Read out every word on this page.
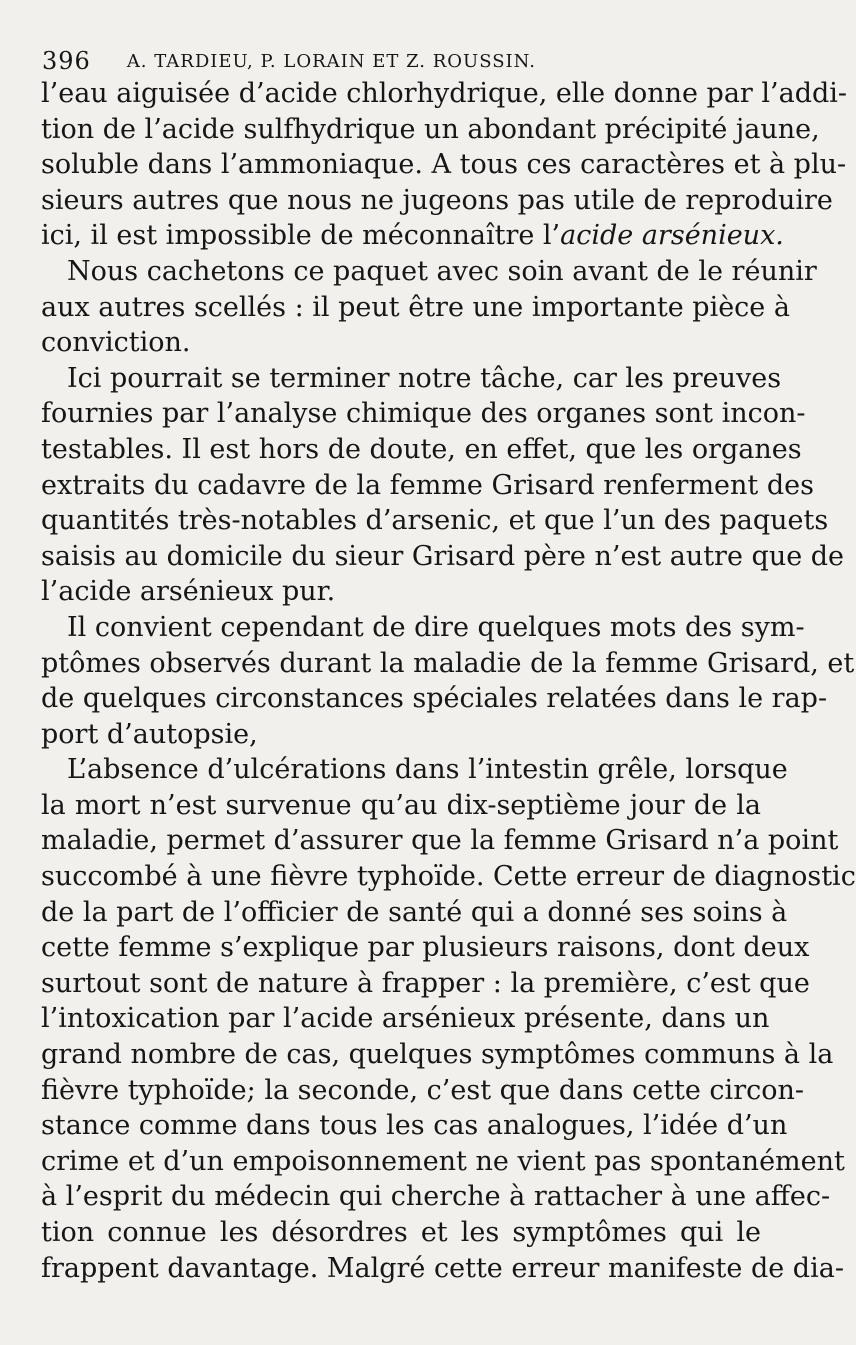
396 A. TARDIEU, P. LORAIN ET Z. ROUSSIN.
l’eau aiguisée d’acide chlorhydrique, elle donne par l’addi-
tion de l’acide sulfhydrique un abondant précipité jaune,
soluble dans l’ammoniaque. A tous ces caractères et à plu-
sieurs autres que nous ne jugeons pas utile de reproduire
ici, il est impossible de méconnaître l’acide arsénieux.
Nous cachetons ce paquet avec soin avant de le réunir
aux autres scellés : il peut être une importante pièce à
conviction.
Ici pourrait se terminer notre tâche, car les preuves
fournies par l’analyse chimique des organes sont incon-
testables. Il est hors de doute, en effet, que les organes
extraits du cadavre de la femme Grisard renferment des
quantités très-notables d’arsenic, et que l’un des paquets
saisis au domicile du sieur Grisard père n’est autre que de
l’acide arsénieux pur.
Il convient cependant de dire quelques mots des sym-
ptômes observés durant la maladie de la femme Grisard, et
de quelques circonstances spéciales relatées dans le rap-
port d’autopsie,
L’absence d’ulcérations dans l’intestin grêle, lorsque
la mort n’est survenue qu’au dix-septième jour de la
maladie, permet d’assurer que la femme Grisard n’a point
succombé à une fièvre typhoïde. Cette erreur de diagnostic
de la part de l’officier de santé qui a donné ses soins à
cette femme s’explique par plusieurs raisons, dont deux
surtout sont de nature à frapper : la première, c’est que
l’intoxication par l’acide arsénieux présente, dans un
grand nombre de cas, quelques symptômes communs à la
fièvre typhoïde; la seconde, c’est que dans cette circon-
stance comme dans tous les cas analogues, l’idée d’un
crime et d’un empoisonnement ne vient pas spontanément
à l’esprit du médecin qui cherche à rattacher à une affec-
tion connue les désordres et les symptômes qui le
frappent davantage. Malgré cette erreur manifeste de dia-
